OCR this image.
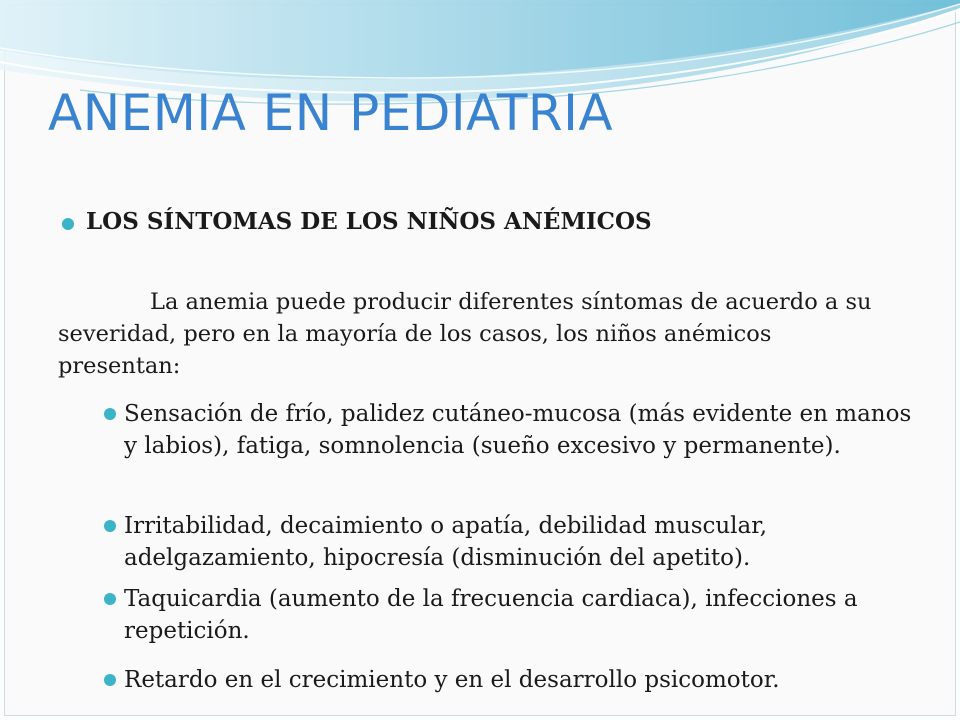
ANEMIA EN PEDIATRIA
LOS SÍNTOMAS DE LOS NIÑOS ANÉMICOS

La anemia puede producir diferentes síntomas de acuerdo a su severidad, pero en la mayoría de los casos, los niños anémicos presentan:

Sensación de frío, palidez cutáneo-mucosa (más evidente en manos y labios), fatiga, somnolencia (sueño excesivo y permanente).

Irritabilidad, decaimiento o apatía, debilidad muscular, adelgazamiento, hipocresía (disminución del apetito).

Taquicardia (aumento de la frecuencia cardiaca), infecciones a repetición.

Retardo en el crecimiento y en el desarrollo psicomotor.
